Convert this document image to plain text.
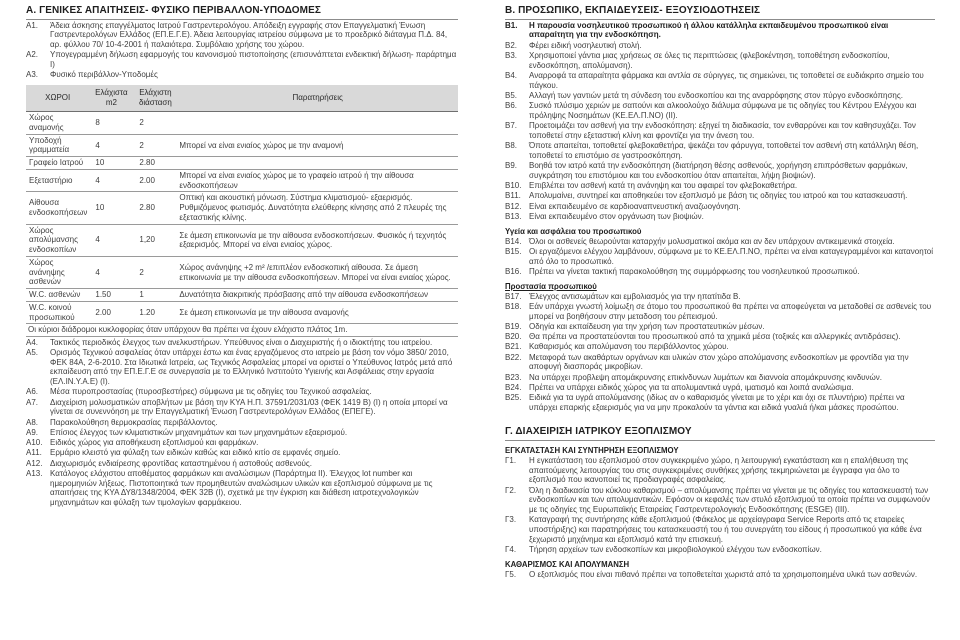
Α. ΓΕΝΙΚΕΣ ΑΠΑΙΤΗΣΕΙΣ- ΦΥΣΙΚΟ ΠΕΡΙΒΑΛΛΟΝ-ΥΠΟΔΟΜΕΣ
Α1.	Άδεια άσκησης επαγγέλματος Ιατρού Γαστρεντερολόγου. Απόδειξη εγγραφής στον Επαγγελματική Ένωση Γαστρεντερολόγων Ελλάδος (ΕΠ.Ε.Γ.Ε). Άδεια λειτουργίας ιατρείου σύμφωνα με το προεδρικό διάταγμα Π.Δ. 84, αρ. φύλλου 70/ 10-4-2001 ή παλαιότερα. Συμβόλαιο χρήσης του χώρου.
Α2.	Υπογεγραμμένη δήλωση εφαρμογής του κανονισμού πιστοποίησης (επισυνάπτεται ενδεικτική δήλωση- παράρτημα Ι)
Α3.	Φυσικό περιβάλλον-Υποδομές
ΧΩΡΟΙ	Ελάχιστα m2	Ελάχιστη διάσταση	Παρατηρήσεις
Χώρος αναμονής	8	2	
Υποδοχή γραμματεία	4	2	Μπορεί να είναι ενιαίος χώρος με την αναμονή
Γραφείο Ιατρού	10	2.80	
Εξεταστήριο	4	2.00	Μπορεί να είναι ενιαίος χώρος με το γραφείο ιατρού ή την αίθουσα ενδοσκοπήσεων
Αίθουσα ενδοσκοπήσεων	10	2.80	Οπτική και ακουστική μόνωση. Σύστημα κλιματισμού- εξαερισμός. Ρυθμιζόμενος φωτισμός. Δυνατότητα ελεύθερης κίνησης από 2 πλευρές της εξεταστικής κλίνης.
Χώρος απολύμανσης ενδοσκοπίων	4	1,20	Σε άμεση επικοινωνία με την αίθουσα ενδοσκοπήσεων. Φυσικός ή τεχνητός εξαερισμός. Μπορεί να είναι ενιαίος χώρος.
Χώρος ανάνηψης ασθενών	4	2	Χώρος ανάνηψης +2 m² /επιπλέον ενδοσκοπική αίθουσα. Σε άμεση επικοινωνία με την αίθουσα ενδοσκοπήσεων. Μπορεί να είναι ενιαίος χώρος.
W.C. ασθενών	1.50	1	Δυνατότητα διακριτικής πρόσβασης από την αίθουσα ενδοσκοπήσεων
W.C. κοινού προσωπικού	2.00	1.20	Σε άμεση επικοινωνία με την αίθουσα αναμονής
Οι κύριοι διάδρομοι κυκλοφορίας όταν υπάρχουν θα πρέπει να έχουν ελάχιστο πλάτος 1m.			
Α4.	Τακτικός περιοδικός έλεγχος των ανελκυστήρων. Υπεύθυνος είναι ο Διαχειριστής ή ο ιδιοκτήτης του ιατρείου.
Α5.	Ορισμός Τεχνικού ασφαλείας όταν υπάρχει έστω και ένας εργαζόμενος στο ιατρείο με βάση τον νόμο 3850/ 2010, ΦΕΚ 84Α, 2-6-2010. Στα Ιδιωτικά Ιατρεία, ως Τεχνικός Ασφαλείας μπορεί να οριστεί ο Υπεύθυνος Ιατρός μετά από εκπαίδευση από την ΕΠ.Ε.Γ.Ε σε συνεργασία με το Ελληνικό Ινστιτούτο Υγιεινής και Ασφάλειας στην εργασία (ΕΛ.ΙΝ.Υ.Α.Ε) (Ι).
Α6.	Μέσα πυροπροστασίας (πυροσβεστήρες) σύμφωνα με τις οδηγίες του Τεχνικού ασφαλείας.
Α7.	Διαχείριση μολυσματικών αποβλήτων με βάση την ΚΥΑ Η.Π. 37591/2031/03 (ΦΕΚ 1419 Β) (Ι) η οποία μπορεί να γίνεται σε συνεννόηση με την Επαγγελματική Ένωση Γαστρεντερολόγων Ελλάδος (ΕΠΕΓΕ).
Α8.	Παρακολούθηση θερμοκρασίας περιβάλλοντος.
Α9.	Επίσιος έλεγχος των κλιματιστικών μηχανημάτων και των μηχανημάτων εξαερισμού.
Α10. Ειδικός χώρος για αποθήκευση εξοπλισμού και φαρμάκων.
Α11.	Ερμάριο κλειστό για φύλαξη των ειδικών καθώς και ειδικό κιτίο σε εμφανές σημείο.
Α12. Διαχωρισμός ενδιαίρεσης φροντίδας καταστημένου ή αστοθούς ασθενούς.
Α13. Κατάλογος ελάχιστου αποθέματος φαρμάκων και αναλώσιμων (Παράρτημα ΙΙ). Έλεγχος lot number και ημερομηνιών λήξεως. Πιστοποιητικά των προμηθευτών αναλώσιμων υλικών και εξοπλισμού σύμφωνα με τις απαιτήσεις της ΚΥΑ ΔΥ8/1348/2004, ΦΕΚ 32Β (Ι), σχετικά με την έγκριση και διάθεση ιατροτεχνολογικών μηχανημάτων και φύλαξη των τιμολογίων φαρμάκειου.
Β. ΠΡΟΣΩΠΙΚΟ, ΕΚΠΑΙΔΕΥΣΕΙΣ- ΕΞΟΥΣΙΟΔΟΤΗΣΕΙΣ
Β1.	Η παρουσία νοσηλευτικού προσωπικού ή άλλου κατάλληλα εκπαιδευμένου προσωπικού είναι απαραίτητη για την ενδοσκόπηση.
Β2.	Φέρει ειδική νοσηλευτική στολή.
Β3.	Χρησιμοποιεί γάντια μιας χρήσεως σε όλες τις περιπτώσεις (φλεβοκέντηση, τοποθέτηση ενδοσκοπίου, ενδοσκόπηση, απολύμανση).
Β4.	Αναρροφά τα απαραίτητα φάρμακα και αντλία σε σύριγγες, τις σημειώνει, τις τοποθετεί σε ευδιάκριτο σημείο του πάγκου.
Β5.	Αλλαγή των γαντιών μετά τη σύνδεση του ενδοσκοπίου και της αναρρόφησης στον πύργο ενδοσκόπησης.
Β6.	Συσκό πλύσιμο χεριών με σαπούνι και αλκοολούχο διάλυμα σύμφωνα με τις οδηγίες του Κέντρου Ελέγχου και πρόληψης Νοσημάτων (ΚΕ.ΕΛ.Π.ΝΟ) (ΙΙ).
Β7.	Προετοιμάζει τον ασθενή για την ενδοσκόπηση: εξηγεί τη διαδικασία, τον ενθαρρύνει και τον καθησυχάζει. Τον τοποθετεί στην εξεταστική κλίνη και φροντίζει για την άνεση του.
Β8.	Όποτε απαιτείται, τοποθετεί φλεβοκαθετήρα, ψεκάζει τον φάρυγγα, τοποθετεί τον ασθενή στη κατάλληλη θέση, τοποθετεί το επιστόμιο σε γαστροσκόπηση.
Β9.	Βοηθά τον ιατρό κατά την ενδοσκόπηση (διατήρηση θέσης ασθενούς, χορήγηση επιπρόσθετων φαρμάκων, συγκράτηση του επιστόμιου και του ενδοσκοπίου όταν απαιτείται, λήψη βιοψιών).
Β10. Επιβλέπει τον ασθενή κατά τη ανάνηψη και του αφαιρεί τον φλεβοκαθετήρα.
Β11.	Απολυμαίνει, συντηρεί και αποθηκεύει τον εξοπλισμό με βάση τις οδηγίες του ιατρού και του κατασκευαστή.
Β12. Είναι εκπαιδευμένο σε καρδιοαναπνευστική αναζωογόνηση.
Β13. Είναι εκπαιδευμένο στον οργάνωση των βιοψιών.
Υγεία και ασφάλεια του προσωπικού
Β14. Όλοι οι ασθενείς θεωρούνται καταρχήν μολυσματικοί ακόμα και αν δεν υπάρχουν αντικειμενικά στοιχεία.
Β15. Οι εργαζόμενοι ελέγχου λαμβάνουν, σύμφωνα με το ΚΕ.ΕΛ.Π.ΝΟ, πρέπει να είναι καταγεγραμμένοι και κατανοητοί από όλο το προσωπικό.
Β16. Πρέπει να γίνεται τακτική παρακολούθηση της συμμόρφωσης του νοσηλευτικού προσωπικού.
Προστασία προσωπικού
Β17. Έλεγχος αντισωμάτων και εμβολιασμός για την ηπατίτιδα Β.
Β18. Εάν υπάρχει γνωστή λοίμωξη σε άτομο του προσωπικού θα πρέπει να αποφεύγεται να μεταδοθεί σε ασθενείς του μπορεί να βοηθήσουν στην μεταδοση του ρέπεισμού.
Β19. Οδηγία και εκπαίδευση για την χρήση των προστατευτικών μέσων.
Β20. Θα πρέπει να προστατεύονται του προσωπικού από τα χημικά μέσα (τοξικές και αλλεργικές αντιδράσεις).
Β21. Καθαρισμός και απολύμανση του περιβάλλοντος χώρου.
Β22. Μεταφορά των ακαθάρτων οργάνων και υλικών στον χώρο απολύμανσης ενδοσκοπίων με φροντίδα για την αποφυγή διασποράς μικροβίων.
Β23. Να υπάρχει προβλεψη απομάκρυνσης επικίνδυνων λυμάτων και διαννοία απομάκρυνσης κινδυνών.
Β24. Πρέπει να υπάρχει ειδικός χώρος για τα απολυμαντικά υγρά, ιματισμό και λοιπά αναλώσιμα.
Β25. Ειδικά για τα υγρά απολύμανσης (ιδίως αν ο καθαρισμός γίνεται με το χέρι και όχι σε πλυντήριο) πρέπει να υπάρχει επαρκής εξαερισμός για να μην προκαλούν τα γάντια και ειδικά γυαλιά ή/και μάσκες προσώπου.
Γ. ΔΙΑΧΕΙΡΙΣΗ ΙΑΤΡΙΚΟΥ ΕΞΟΠΛΙΣΜΟΥ
ΕΓΚΑΤΑΣΤΑΣΗ ΚΑΙ ΣΥΝΤΗΡΗΣΗ ΕΞΟΠΛΙΣΜΟΥ
Γ1.	Η εγκατάσταση του εξοπλισμού στον συγκεκριμένο χώρο, η λειτουργική εγκατάσταση και η επαλήθευση της απαιτούμενης λειτουργίας του στις συγκεκριμένες συνθήκες χρήσης τεκμηριώνεται με έγγραφα για όλο το εξοπλισμό που ικανοποιεί τις προδιαγραφές ασφαλείας.
Γ2.	Όλη η διαδικασία του κύκλου καθαρισμού – απολύμανσης πρέπει να γίνεται με τις οδηγίες του κατασκευαστή των ενδοσκοπίων και των απολυμαντικών. Εφόσον οι κεφαλές των στυλό εξοπλισμού τα οποία πρέπει να συμφωνούν με τις οδηγίες της Ευρωπαϊκής Εταιρείας Γαστρεντερολογικής Ενδοσκόπησης (ESGE) (ΙΙΙ).
Γ3.	Καταγραφή της συντήρησης κάθε εξοπλισμού (Φάκελος με αρχείαγραφα Service Reports από τις εταιρείες υποστήριξης) και παρατηρήσεις του κατασκευαστή του ή του συνεργάτη του είδους ή προσωπικού για κάθε ένα ξεχωριστό μηχάνημα και εξοπλισμό κατά την επισκευή.
Γ4.	Τήρηση αρχείων των ενδοσκοπίων και μικροβιολογικού ελέγχου των ενδοσκοπίων.
ΚΑΘΑΡΙΣΜΟΣ ΚΑΙ ΑΠΟΛΥΜΑΝΣΗ
Γ5.	Ο εξοπλισμός που είναι πιθανό πρέπει να τοποθετείται χωριστά από τα χρησιμοποιημένα υλικά των ασθενών.
